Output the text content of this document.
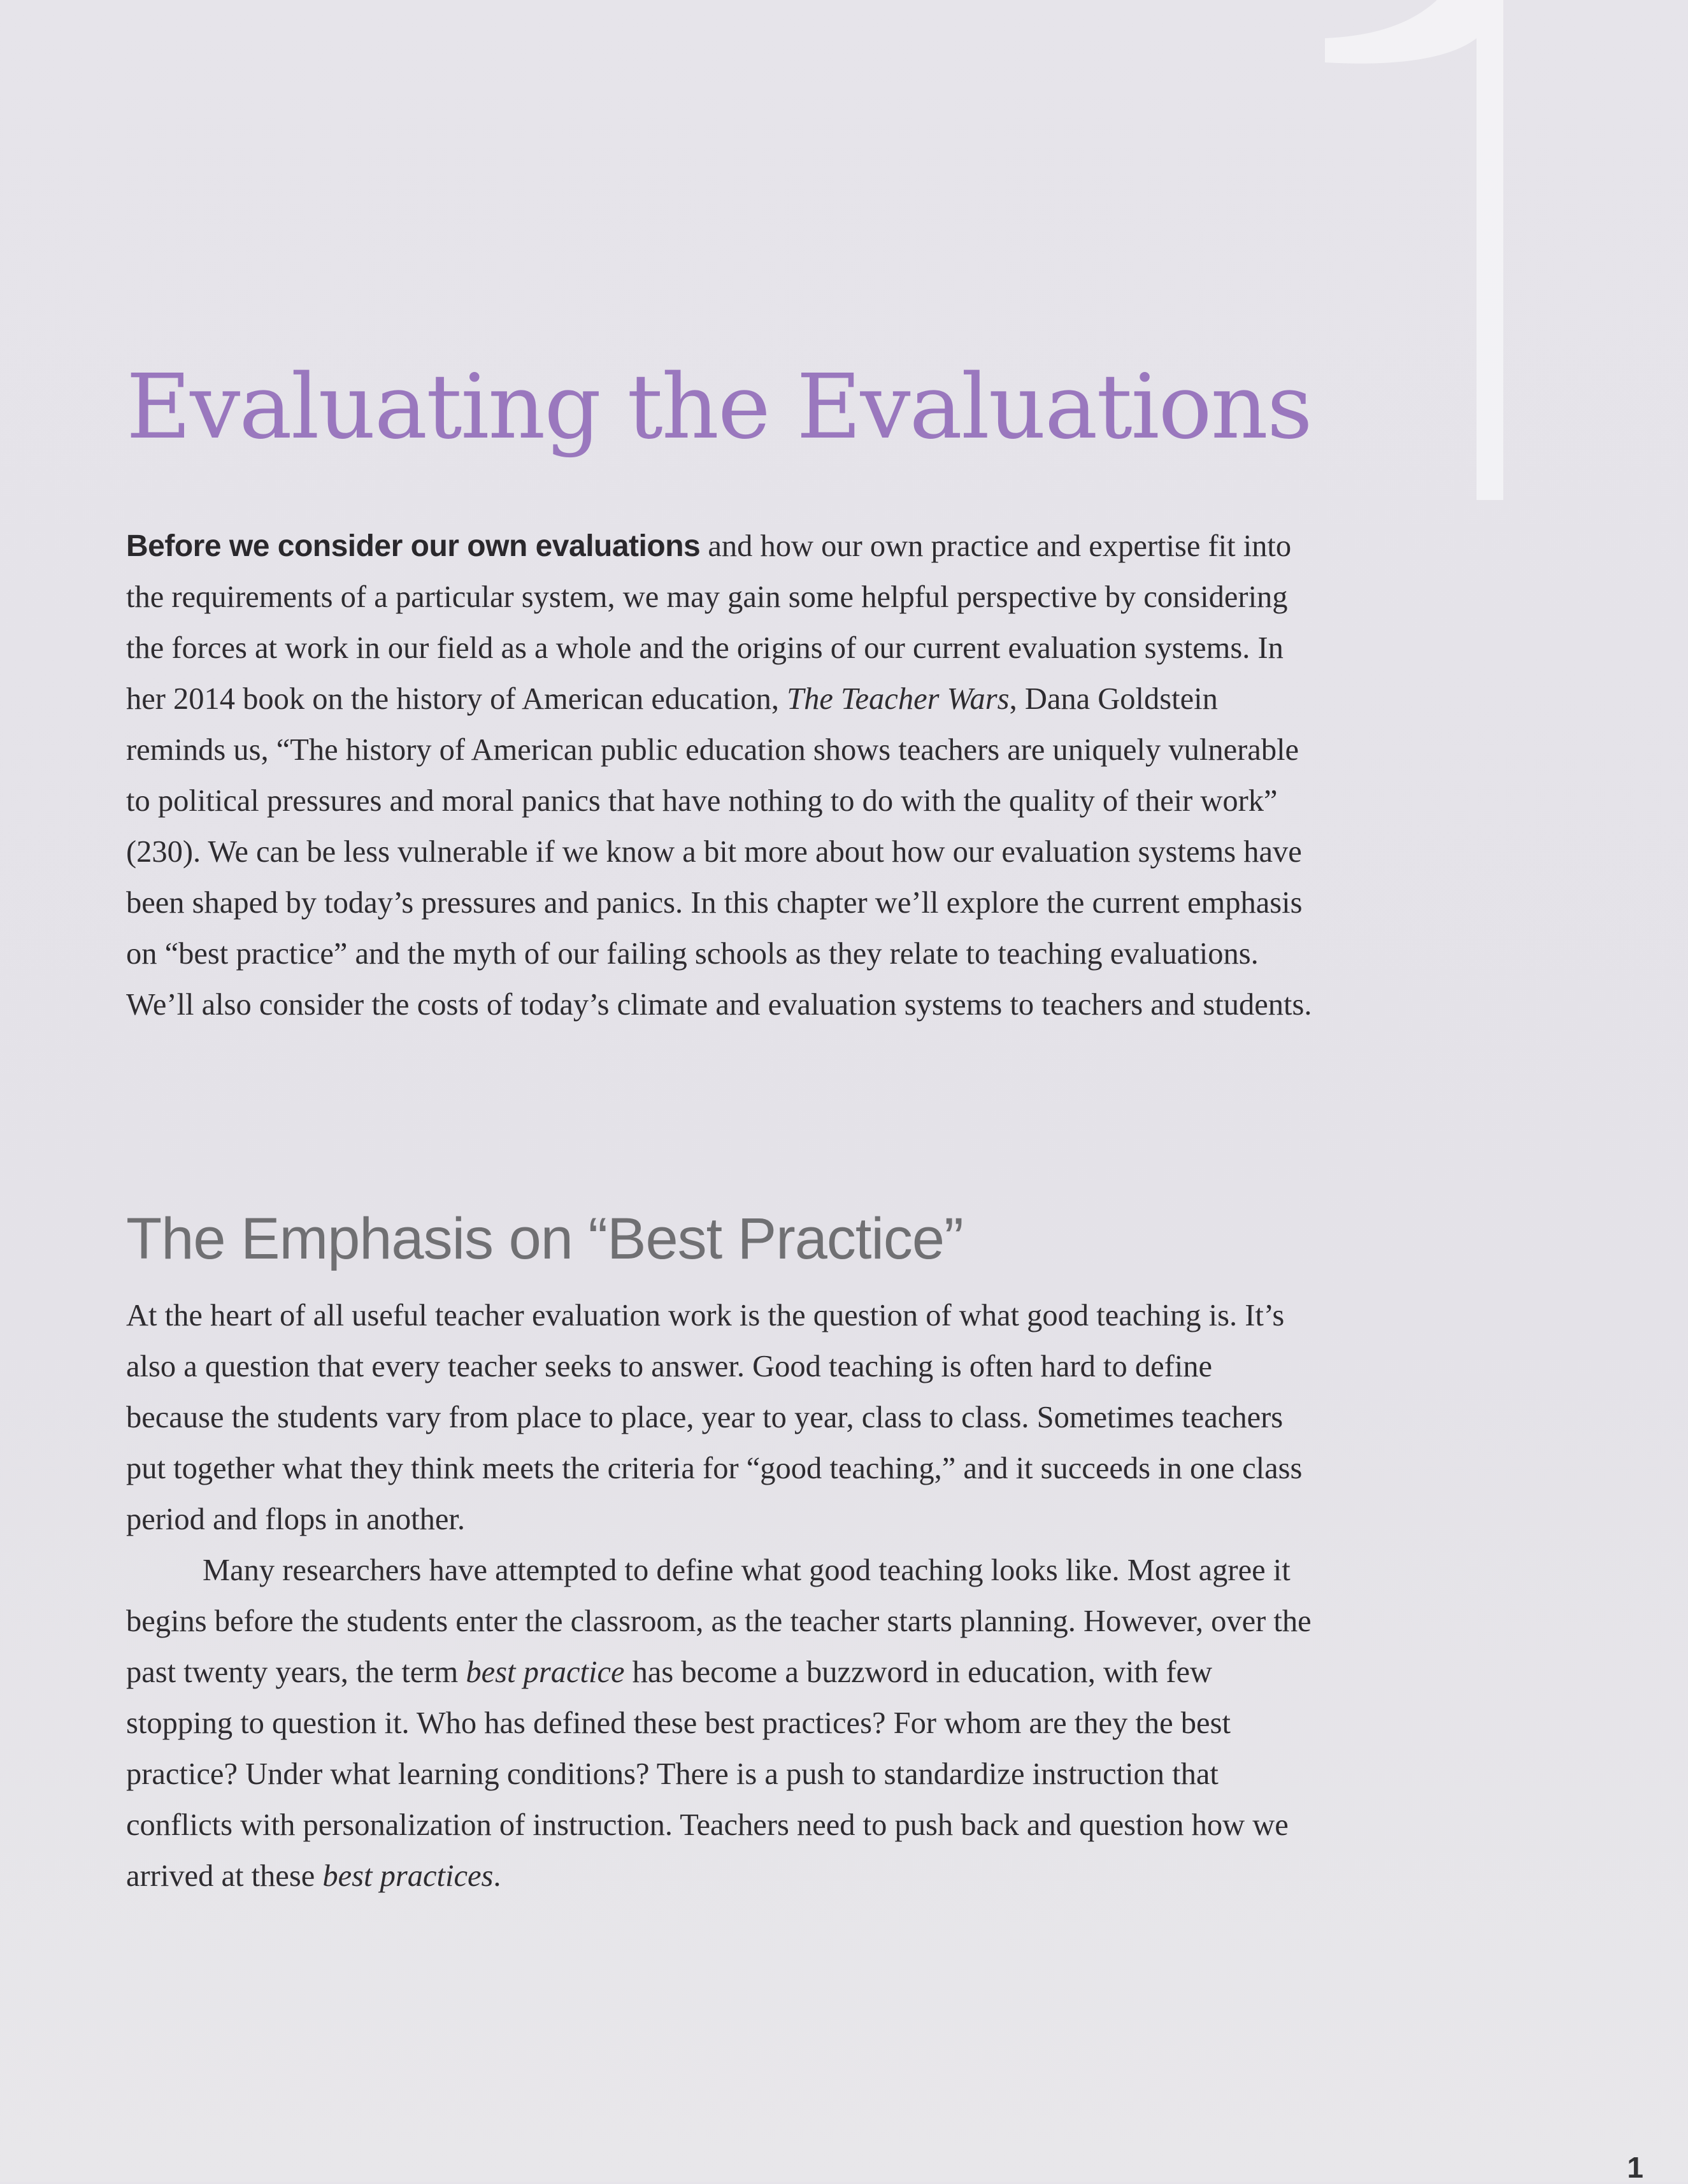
Evaluating the Evaluations

Before we consider our own evaluations and how our own practice and expertise fit into the requirements of a particular system, we may gain some helpful perspective by considering the forces at work in our field as a whole and the origins of our current evaluation systems. In her 2014 book on the history of American education, The Teacher Wars, Dana Goldstein reminds us, “The history of American public education shows teachers are uniquely vulnerable to political pressures and moral panics that have nothing to do with the quality of their work” (230). We can be less vulnerable if we know a bit more about how our evaluation systems have been shaped by today’s pressures and panics. In this chapter we’ll explore the current emphasis on “best practice” and the myth of our failing schools as they relate to teaching evaluations. We’ll also consider the costs of today’s climate and evaluation systems to teachers and students.

The Emphasis on “Best Practice”

At the heart of all useful teacher evaluation work is the question of what good teaching is. It’s also a question that every teacher seeks to answer. Good teaching is often hard to define because the students vary from place to place, year to year, class to class. Sometimes teachers put together what they think meets the criteria for “good teaching,” and it succeeds in one class period and flops in another.

Many researchers have attempted to define what good teaching looks like. Most agree it begins before the students enter the classroom, as the teacher starts planning. However, over the past twenty years, the term best practice has become a buzzword in education, with few stopping to question it. Who has defined these best practices? For whom are they the best practice? Under what learning conditions? There is a push to standardize instruction that conflicts with personalization of instruction. Teachers need to push back and question how we arrived at these best practices.

1
